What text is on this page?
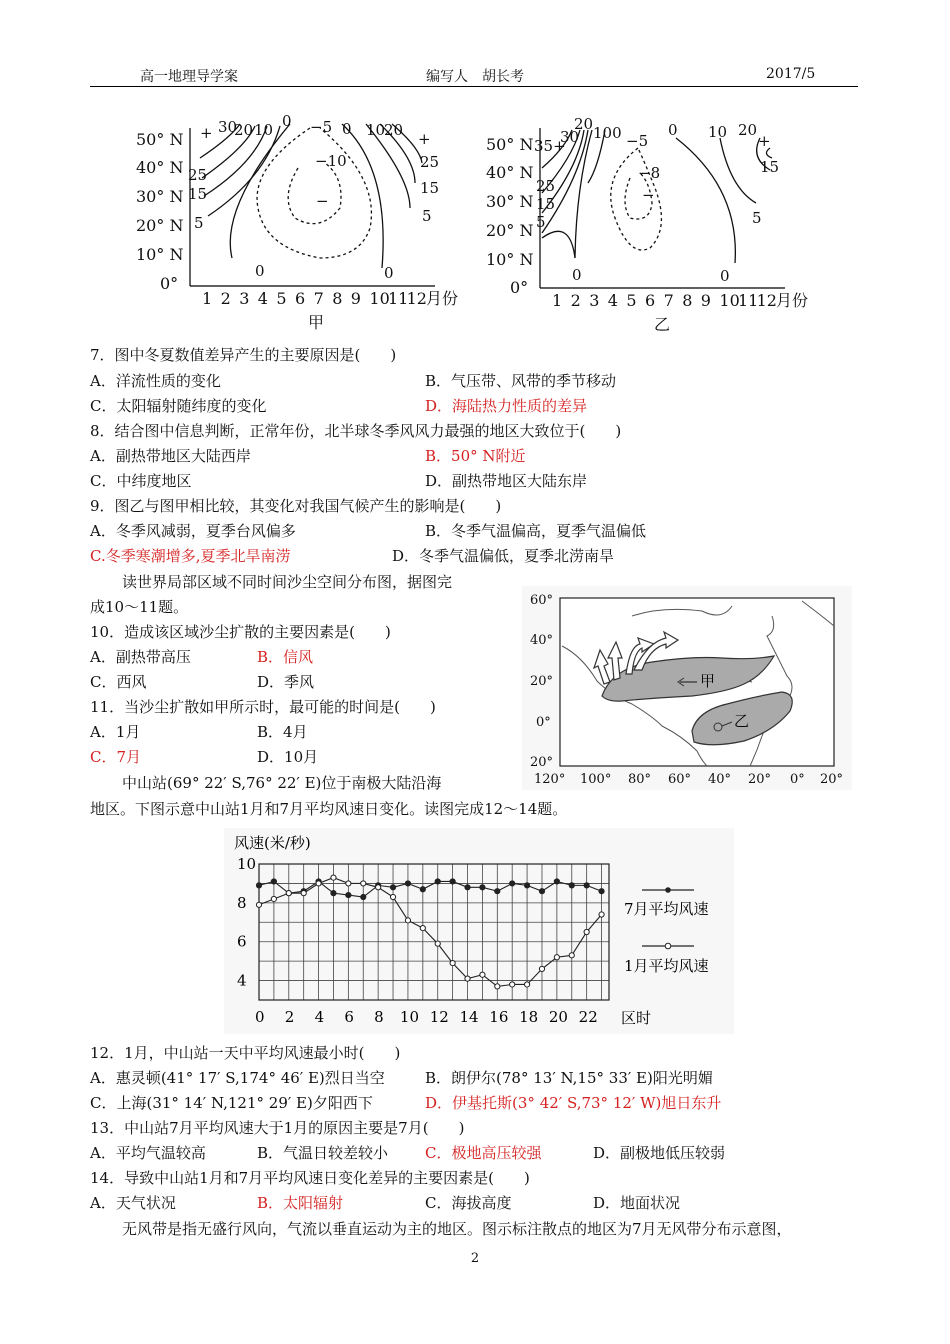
高一地理导学案	编写人　胡长考	2017/5
50° N
40° N
30° N
20° N
10° N
0°
1 2 3 4 5 6 7 8 9 10
11
12 月份
甲
+ 30
20 10 0 −5 0 10
20 +
25
15
5
−10
−
0	0
25
15
5
50° N
40° N
30° N
20° N
10° N
0°
1 2 3 4 5 6 7 8 9 10
11
12 月份
乙
35+
30
20 100 −5
0 10 20
+
15
5
−8
−
25
15
5
0	0
7．图中冬夏数值差异产生的主要原因是(　　)
A．洋流性质的变化	B．气压带、风带的季节移动
C．太阳辐射随纬度的变化	D．海陆热力性质的差异
8．结合图中信息判断，正常年份，北半球冬季风风力最强的地区大致位于(　　)
A．副热带地区大陆西岸	B．50° N附近
C．中纬度地区	D．副热带地区大陆东岸
9．图乙与图甲相比较，其变化对我国气候产生的影响是(　　)
A．冬季风减弱，夏季台风偏多	B．冬季气温偏高，夏季气温偏低
C.冬季寒潮增多,夏季北旱南涝	D．冬季气温偏低，夏季北涝南旱
读世界局部区域不同时间沙尘空间分布图，据图完
成10～11题。
10．造成该区域沙尘扩散的主要因素是(　　)
A．副热带高压	B．信风
C．西风	D．季风
11．当沙尘扩散如甲所示时，最可能的时间是(　　)
A．1月	B．4月
C．7月	D．10月
甲
乙
60°
40°
20°
0°
20°
120° 100° 80° 60° 40° 20° 0° 20°
中山站(69° 22′ S,76° 22′ E)位于南极大陆沿海
地区。下图示意中山站1月和7月平均风速日变化。读图完成12～14题。
风速(米/秒)
区时
4
6
8
10
0 2 4 6 8 10 12 14 16 18 20 22
7月平均风速
1月平均风速
12．1月，中山站一天中平均风速最小时(　　)
A．惠灵顿(41° 17′ S,174° 46′ E)烈日当空	B．朗伊尔(78° 13′ N,15° 33′ E)阳光明媚
C．上海(31° 14′ N,121° 29′ E)夕阳西下	D．伊基托斯(3° 42′ S,73° 12′ W)旭日东升
13．中山站7月平均风速大于1月的原因主要是7月(　　)
A．平均气温较高	B．气温日较差较小 C．极地高压较强	D．副极地低压较弱
14．导致中山站1月和7月平均风速日变化差异的主要因素是(　　)
A．天气状况	B．太阳辐射	C．海拔高度	D．地面状况
无风带是指无盛行风向，气流以垂直运动为主的地区。图示标注散点的地区为7月无风带分布示意图，
2
